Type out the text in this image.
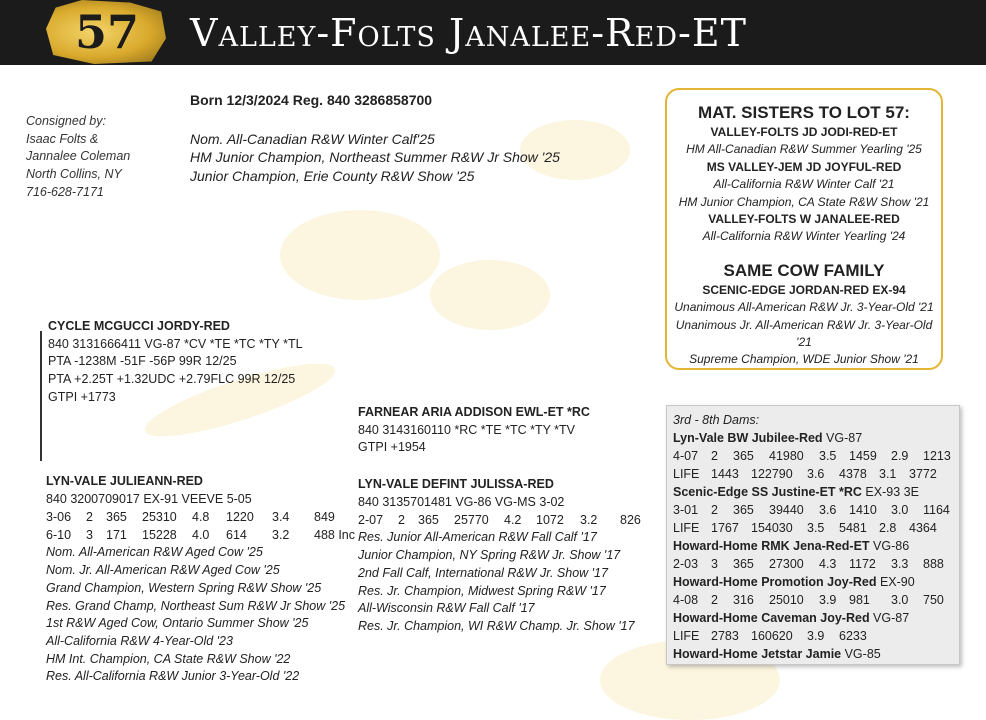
57	Valley-Folts Janalee-Red-ET
Born 12/3/2024 Reg. 840 3286858700
Consigned by:
Isaac Folts &
Jannalee Coleman
North Collins, NY
716-628-7171
Nom. All-Canadian R&W Winter Calf'25
HM Junior Champion, Northeast Summer R&W Jr Show '25
Junior Champion, Erie County R&W Show '25
MAT. SISTERS TO LOT 57:
VALLEY-FOLTS JD JODI-RED-ET
HM All-Canadian R&W Summer Yearling '25
MS VALLEY-JEM JD JOYFUL-RED
All-California R&W Winter Calf '21
HM Junior Champion, CA State R&W Show '21
VALLEY-FOLTS W JANALEE-RED
All-California R&W Winter Yearling '24
SAME COW FAMILY
SCENIC-EDGE JORDAN-RED EX-94
Unanimous All-American R&W Jr. 3-Year-Old '21
Unanimous Jr. All-American R&W Jr. 3-Year-Old '21
Supreme Champion, WDE Junior Show '21
CYCLE MCGUCCI JORDY-RED
840 3131666411 VG-87 *CV *TE *TC *TY *TL
PTA -1238M -51F -56P 99R 12/25
PTA +2.25T +1.32UDC +2.79FLC 99R 12/25
GTPI +1773
FARNEAR ARIA ADDISON EWL-ET *RC
840 3143160110 *RC *TE *TC *TY *TV
GTPI +1954
LYN-VALE JULIEANN-RED
840 3200709017 EX-91 VEEVE 5-05
3-06	2	365	25310	4.8	1220	3.4	849
6-10	3	171	15228	4.0	614	3.2	488 Inc
Nom. All-American R&W Aged Cow '25
Nom. Jr. All-American R&W Aged Cow '25
Grand Champion, Western Spring R&W Show '25
Res. Grand Champ, Northeast Sum R&W Jr Show '25
1st R&W Aged Cow, Ontario Summer Show '25
All-California R&W 4-Year-Old '23
HM Int. Champion, CA State R&W Show '22
Res. All-California R&W Junior 3-Year-Old '22
LYN-VALE DEFINT JULISSA-RED
840 3135701481 VG-86 VG-MS 3-02
2-07	2	365	25770	4.2	1072	3.2	826
Res. Junior All-American R&W Fall Calf '17
Junior Champion, NY Spring R&W Jr. Show '17
2nd Fall Calf, International R&W Jr. Show '17
Res. Jr. Champion, Midwest Spring R&W '17
All-Wisconsin R&W Fall Calf '17
Res. Jr. Champion, WI R&W Champ. Jr. Show '17
3rd - 8th Dams:
Lyn-Vale BW Jubilee-Red VG-87
4-07	2	365	41980	3.5	1459	2.9	1213
LIFE 1443 122790	3.6	4378 3.1	3772
Scenic-Edge SS Justine-ET *RC EX-93 3E
3-01	2	365	39440	3.6	1410	3.0	1164
LIFE 1767 154030	3.5	5481 2.8	4364
Howard-Home RMK Jena-Red-ET VG-86
2-03	3	365	27300	4.3	1172	3.3	888
Howard-Home Promotion Joy-Red EX-90
4-08	2	316	25010	3.9	981	3.0	750
Howard-Home Caveman Joy-Red VG-87
LIFE 2783 160620	3.9	6233
Howard-Home Jetstar Jamie VG-85
